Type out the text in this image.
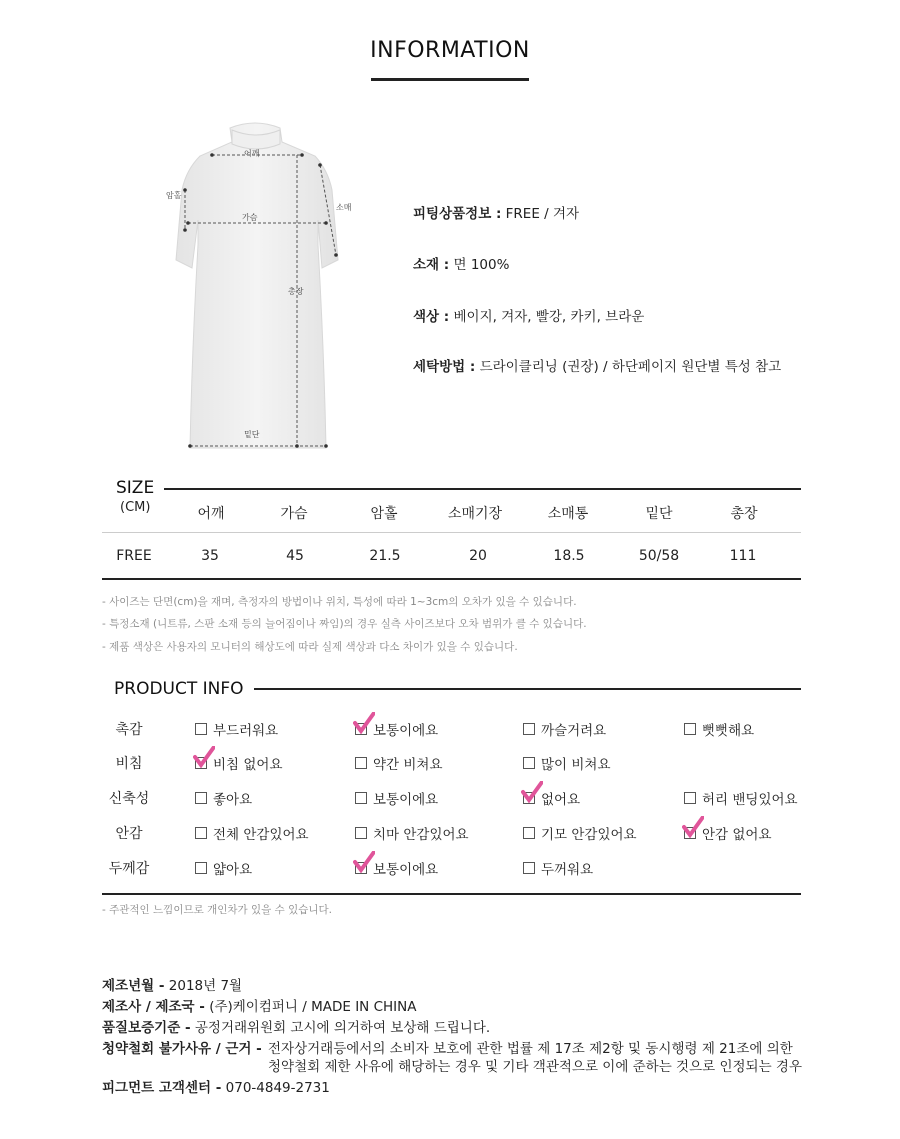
INFORMATION
어깨
암홀
가슴
소매
총장
밑단
피팅상품정보 : FREE / 겨자
소재 : 면 100%
색상 : 베이지, 겨자, 빨강, 카키, 브라운
세탁방법 : 드라이클리닝 (권장) / 하단페이지 원단별 특성 참고
SIZE
(CM)	어깨	가슴	암홀	소매기장	소매통	밑단	총장
FREE	35	45	21.5	20	18.5	50/58	111
- 사이즈는 단면(cm)을 재며, 측정자의 방법이나 위치, 특성에 따라 1~3cm의 오차가 있을 수 있습니다.
- 특정소재 (니트류, 스판 소재 등의 늘어짐이나 짜임)의 경우 실측 사이즈보다 오차 범위가 클 수 있습니다.
- 제품 색상은 사용자의 모니터의 해상도에 따라 실제 색상과 다소 차이가 있을 수 있습니다.
PRODUCT INFO
촉감	부드러워요	보통이에요	까슬거려요	뻣뻣해요
비침	비침 없어요	약간 비쳐요	많이 비쳐요
신축성	좋아요	보통이에요	없어요	허리 밴딩있어요
안감	전체 안감있어요	치마 안감있어요	기모 안감있어요	안감 없어요
두께감	얇아요	보통이에요	두꺼워요
- 주관적인 느낌이므로 개인차가 있을 수 있습니다.
제조년월 - 2018년 7월
제조사 / 제조국 - (주)케이컴퍼니 / MADE IN CHINA
품질보증기준 - 공정거래위원회 고시에 의거하여 보상해 드립니다.
청약철회 불가사유 / 근거 - 전자상거래등에서의 소비자 보호에 관한 법률 제 17조 제2항 및 동시행령 제 21조에 의한
청약철회 제한 사유에 해당하는 경우 및 기타 객관적으로 이에 준하는 것으로 인정되는 경우
피그먼트 고객센터 - 070-4849-2731
